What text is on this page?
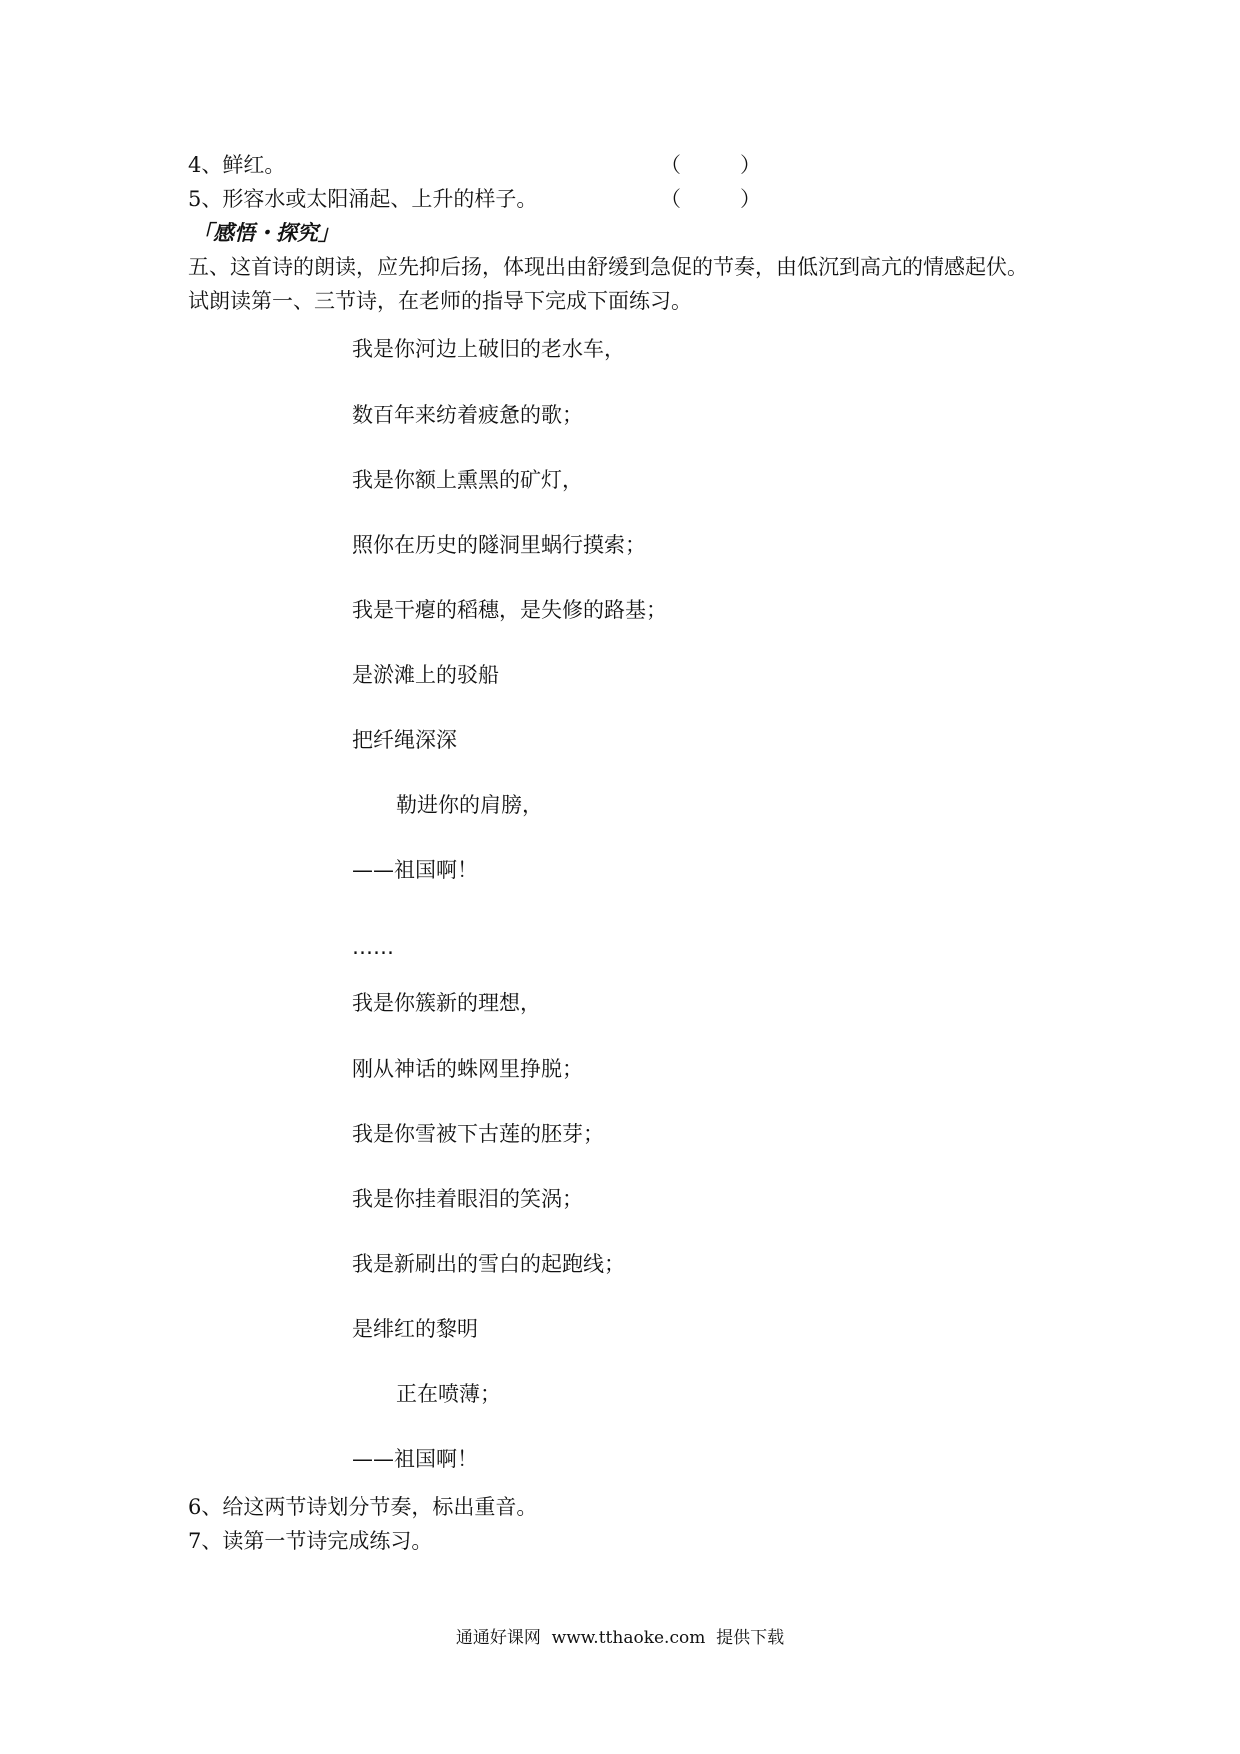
4、鲜红。	（	）
5、形容水或太阳涌起、上升的样子。	（	）
「感悟・探究」
五、这首诗的朗读，应先抑后扬，体现出由舒缓到急促的节奏，由低沉到高亢的情感起伏。
试朗读第一、三节诗，在老师的指导下完成下面练习。
我是你河边上破旧的老水车，
数百年来纺着疲惫的歌；
我是你额上熏黑的矿灯，
照你在历史的隧洞里蜗行摸索；
我是干瘪的稻穗，是失修的路基；
是淤滩上的驳船
把纤绳深深
勒进你的肩膀，
——祖国啊！
……
我是你簇新的理想，
刚从神话的蛛网里挣脱；
我是你雪被下古莲的胚芽；
我是你挂着眼泪的笑涡；
我是新刷出的雪白的起跑线；
是绯红的黎明
正在喷薄；
——祖国啊！
6、给这两节诗划分节奏，标出重音。
7、读第一节诗完成练习。
通通好课网  www.tthaoke.com  提供下载
